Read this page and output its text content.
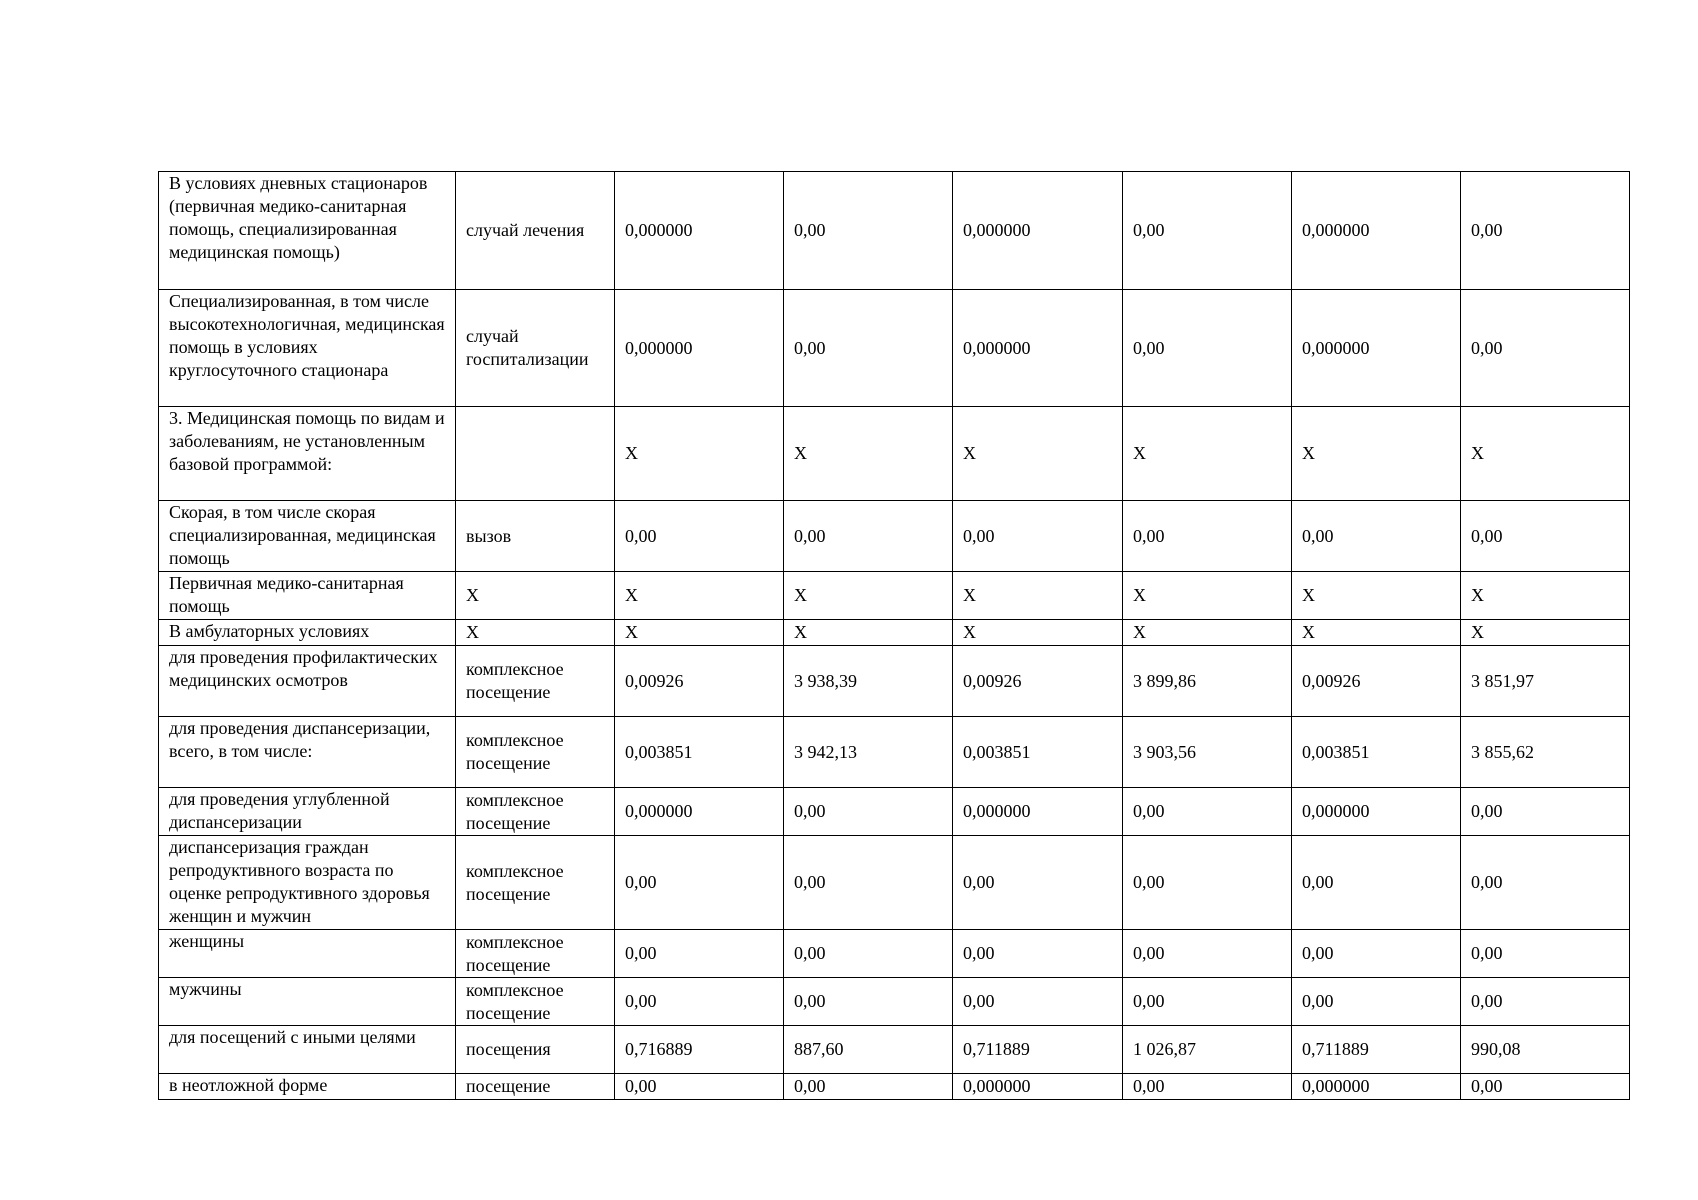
В условиях дневных стационаров (первичная медико-санитарная помощь, специализированная медицинская помощь)	случай лечения	0,000000	0,00	0,000000	0,00	0,000000	0,00
Специализированная, в том числе высокотехнологичная, медицинская помощь в условиях круглосуточного стационара	случай госпитализации	0,000000	0,00	0,000000	0,00	0,000000	0,00
3. Медицинская помощь по видам и заболеваниям, не установленным базовой программой:		X	X	X	X	X	X
Скорая, в том числе скорая специализированная, медицинская помощь	вызов	0,00	0,00	0,00	0,00	0,00	0,00
Первичная медико-санитарная помощь	X	X	X	X	X	X	X
В амбулаторных условиях	X	X	X	X	X	X	X
для проведения профилактических медицинских осмотров	комплексное посещение	0,00926	3 938,39	0,00926	3 899,86	0,00926	3 851,97
для проведения диспансеризации, всего, в том числе:	комплексное посещение	0,003851	3 942,13	0,003851	3 903,56	0,003851	3 855,62
для проведения углубленной диспансеризации	комплексное посещение	0,000000	0,00	0,000000	0,00	0,000000	0,00
диспансеризация граждан репродуктивного возраста по оценке репродуктивного здоровья женщин и мужчин	комплексное посещение	0,00	0,00	0,00	0,00	0,00	0,00
женщины	комплексное посещение	0,00	0,00	0,00	0,00	0,00	0,00
мужчины	комплексное посещение	0,00	0,00	0,00	0,00	0,00	0,00
для посещений с иными целями	посещения	0,716889	887,60	0,711889	1 026,87	0,711889	990,08
в неотложной форме	посещение	0,00	0,00	0,000000	0,00	0,000000	0,00
